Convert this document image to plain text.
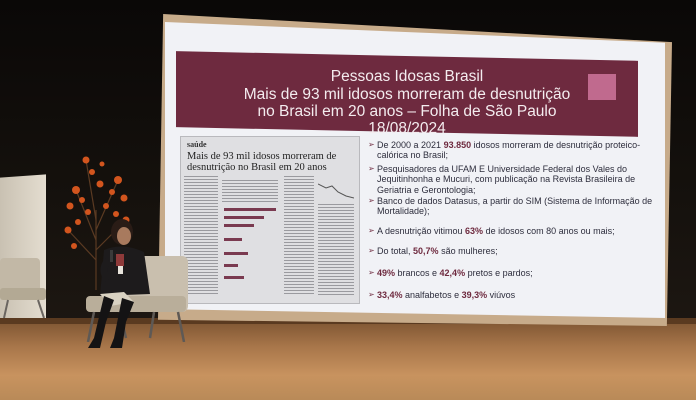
Pessoas Idosas Brasil
Mais de 93 mil idosos morreram de desnutrição
no Brasil em 20 anos – Folha de São Paulo
18/08/2024
saúde
Mais de 93 mil idosos morreram de desnutrição no Brasil em 20 anos
➢ De 2000 a 2021 93.850 idosos morreram de desnutrição proteico-calórica no Brasil;
➢ Pesquisadores da UFAM E Universidade Federal dos Vales do Jequitinhonha e Mucuri, com publicação na Revista Brasileira de Geriatria e Gerontologia;
➢ Banco de dados Datasus, a partir do SIM (Sistema de Informação de Mortalidade);
➢ A desnutrição vitimou 63% de idosos com 80 anos ou mais;
➢ Do total, 50,7% são mulheres;
➢ 49% brancos e 42,4% pretos e pardos;
➢ 33,4% analfabetos e 39,3% viúvos
